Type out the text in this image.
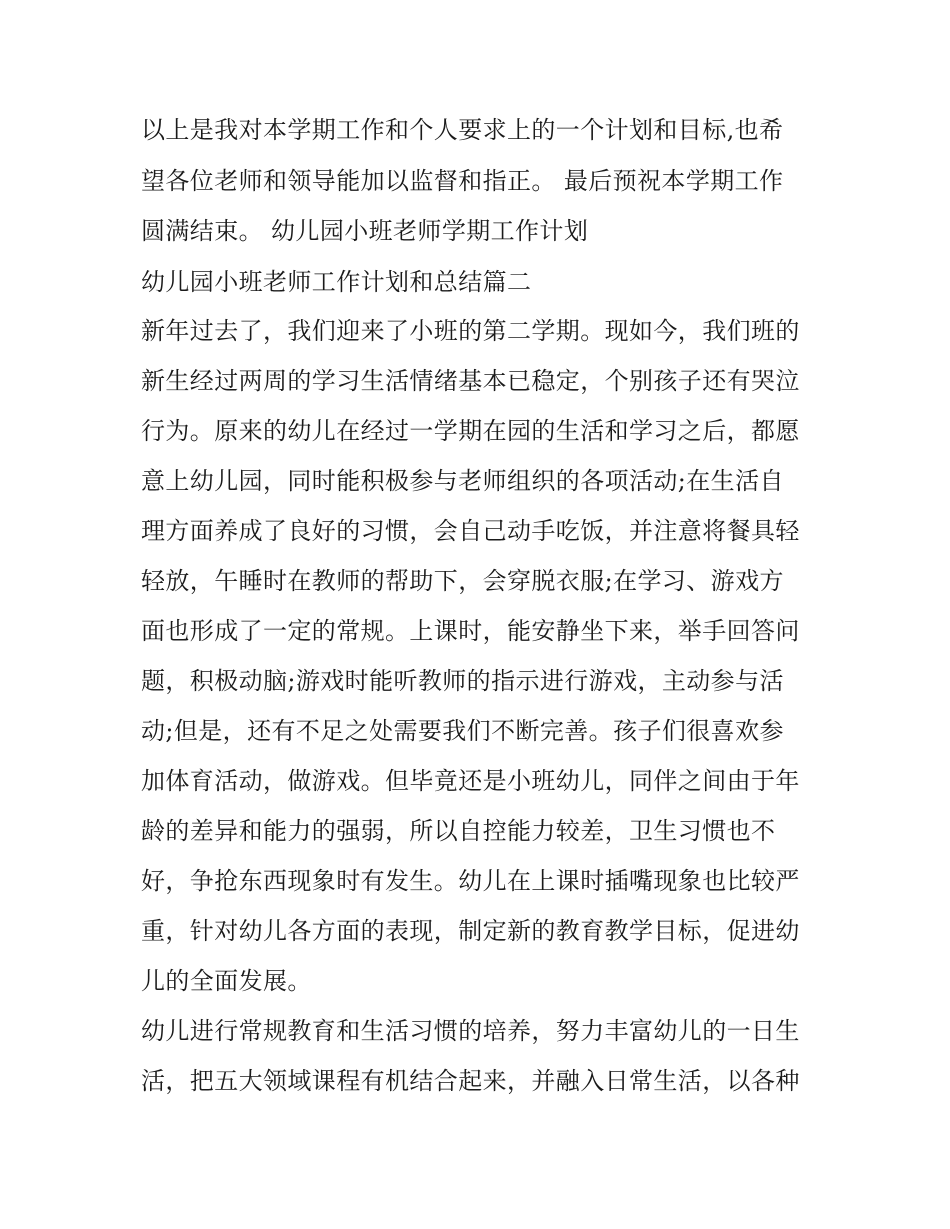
以上是我对本学期工作和个人要求上的一个计划和目标,也希
望各位老师和领导能加以监督和指正。 最后预祝本学期工作
圆满结束。 幼儿园小班老师学期工作计划
幼儿园小班老师工作计划和总结篇二
新年过去了，我们迎来了小班的第二学期。现如今，我们班的
新生经过两周的学习生活情绪基本已稳定，个别孩子还有哭泣
行为。原来的幼儿在经过一学期在园的生活和学习之后，都愿
意上幼儿园，同时能积极参与老师组织的各项活动;在生活自
理方面养成了良好的习惯，会自己动手吃饭，并注意将餐具轻
轻放，午睡时在教师的帮助下，会穿脱衣服;在学习、游戏方
面也形成了一定的常规。上课时，能安静坐下来，举手回答问
题，积极动脑;游戏时能听教师的指示进行游戏，主动参与活
动;但是，还有不足之处需要我们不断完善。孩子们很喜欢参
加体育活动，做游戏。但毕竟还是小班幼儿，同伴之间由于年
龄的差异和能力的强弱，所以自控能力较差，卫生习惯也不
好，争抢东西现象时有发生。幼儿在上课时插嘴现象也比较严
重，针对幼儿各方面的表现，制定新的教育教学目标，促进幼
儿的全面发展。
幼儿进行常规教育和生活习惯的培养，努力丰富幼儿的一日生
活，把五大领域课程有机结合起来，并融入日常生活，以各种
